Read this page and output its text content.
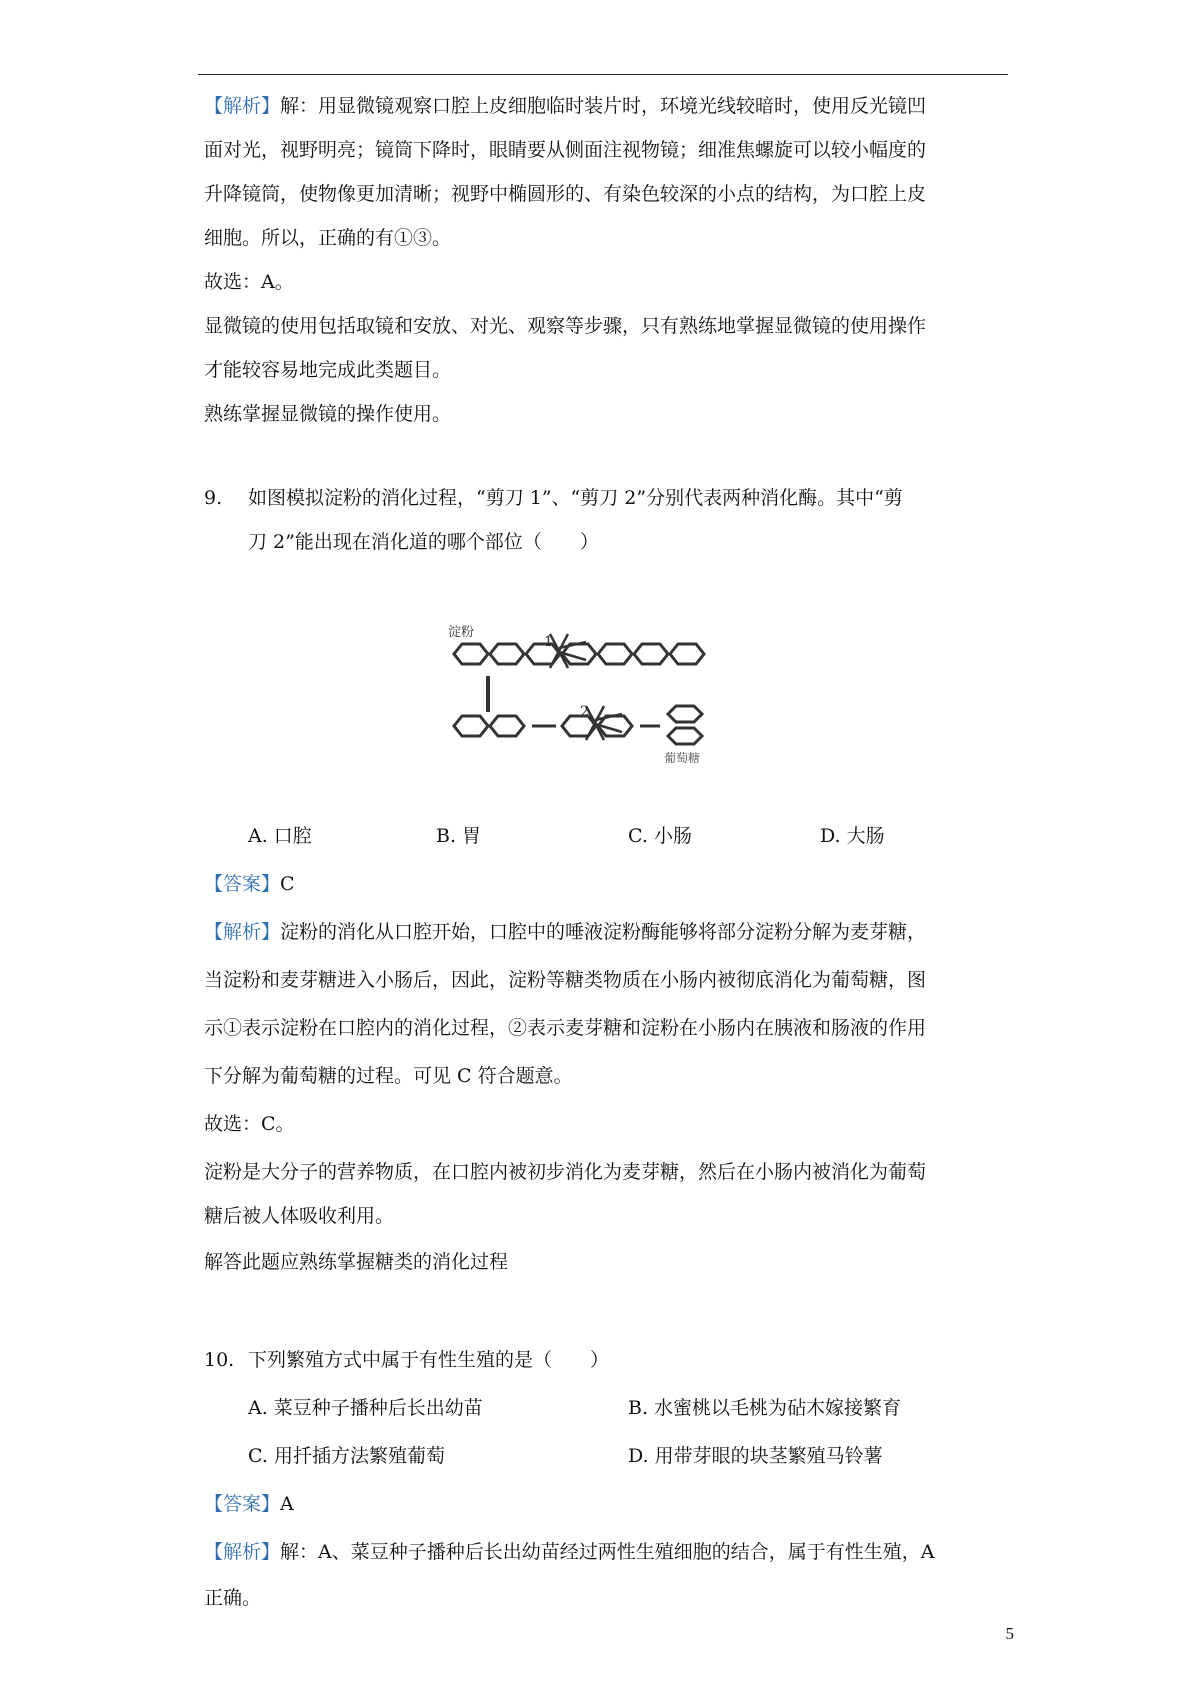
【解析】解：用显微镜观察口腔上皮细胞临时装片时，环境光线较暗时，使用反光镜凹
面对光，视野明亮；镜筒下降时，眼睛要从侧面注视物镜；细准焦螺旋可以较小幅度的
升降镜筒，使物像更加清晰；视野中椭圆形的、有染色较深的小点的结构，为口腔上皮
细胞。所以，正确的有①③。
故选：A。
显微镜的使用包括取镜和安放、对光、观察等步骤，只有熟练地掌握显微镜的使用操作
才能较容易地完成此类题目。
熟练掌握显微镜的操作使用。
9. 如图模拟淀粉的消化过程，“剪刀 1”、“剪刀 2”分别代表两种消化酶。其中“剪
刀 2”能出现在消化道的哪个部位（　　）
淀粉
1
2
葡萄糖
A. 口腔	B. 胃	C. 小肠	D. 大肠
【答案】C
【解析】淀粉的消化从口腔开始，口腔中的唾液淀粉酶能够将部分淀粉分解为麦芽糖，
当淀粉和麦芽糖进入小肠后，因此，淀粉等糖类物质在小肠内被彻底消化为葡萄糖，图
示①表示淀粉在口腔内的消化过程，②表示麦芽糖和淀粉在小肠内在胰液和肠液的作用
下分解为葡萄糖的过程。可见 C 符合题意。
故选：C。
淀粉是大分子的营养物质，在口腔内被初步消化为麦芽糖，然后在小肠内被消化为葡萄
糖后被人体吸收利用。
解答此题应熟练掌握糖类的消化过程
10. 下列繁殖方式中属于有性生殖的是（　　）
A. 菜豆种子播种后长出幼苗	B. 水蜜桃以毛桃为砧木嫁接繁育
C. 用扦插方法繁殖葡萄	D. 用带芽眼的块茎繁殖马铃薯
【答案】A
【解析】解：A、菜豆种子播种后长出幼苗经过两性生殖细胞的结合，属于有性生殖，A
正确。
5
